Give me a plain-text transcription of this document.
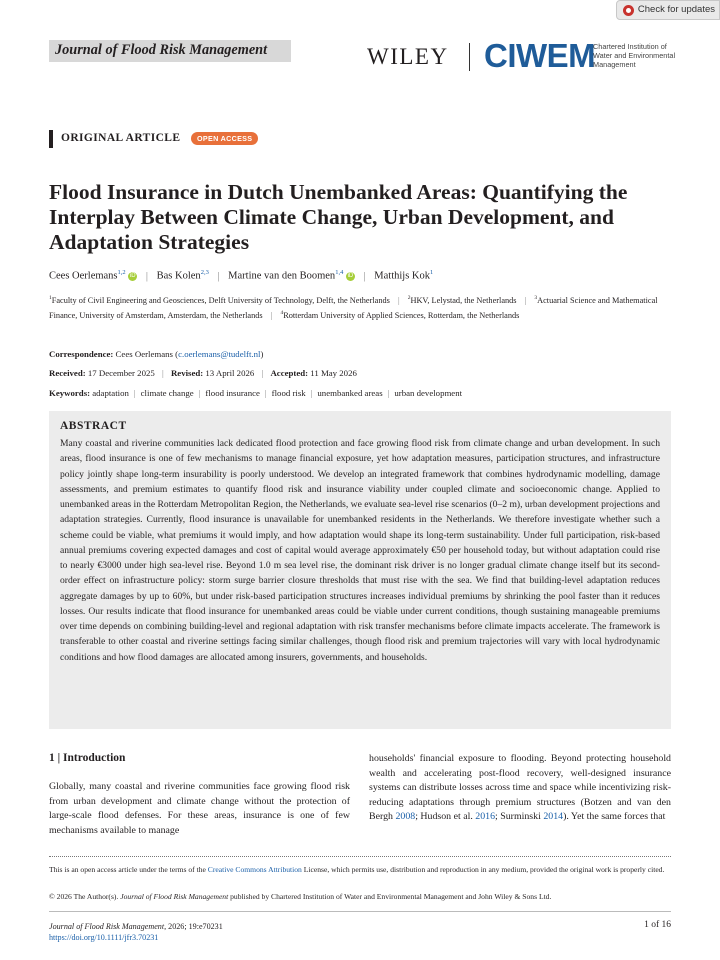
Check for updates
Journal of Flood Risk Management	WILEY CIWEM
Chartered Institution of
Water and Environmental
Management
ORIGINAL ARTICLE	OPEN ACCESS
Flood Insurance in Dutch Unembanked Areas: Quantifying the Interplay Between Climate Change, Urban Development, and Adaptation Strategies
Cees Oerlemans$^{1,2}$ iD | Bas Kolen$^{2,3}$ | Martine van den Boomen$^{1,4}$ iD | Matthijs Kok$^1$
$^1$Faculty of Civil Engineering and Geosciences, Delft University of Technology, Delft, the Netherlands | $^2$HKV, Lelystad, the Netherlands | $^3$Actuarial Science and Mathematical Finance, University of Amsterdam, Amsterdam, the Netherlands | $^4$Rotterdam University of Applied Sciences, Rotterdam, the Netherlands
Correspondence: Cees Oerlemans (c.oerlemans@tudelft.nl)
Received: 17 December 2025 | Revised: 13 April 2026 | Accepted: 11 May 2026
Keywords: adaptation | climate change | flood insurance | flood risk | unembanked areas | urban development
ABSTRACT
Many coastal and riverine communities lack dedicated flood protection and face growing flood risk from climate change and urban development. In such areas, flood insurance is one of few mechanisms to manage financial exposure, yet how adaptation measures, participation structures, and infrastructure policy jointly shape long-term insurability is poorly understood. We develop an integrated framework that combines hydrodynamic modelling, damage assessments, and premium estimates to quantify flood risk and insurance viability under coupled climate and socioeconomic change. Applied to unembanked areas in the Rotterdam Metropolitan Region, the Netherlands, we evaluate sea-level rise scenarios (0–2 m), urban development projections and adaptation strategies. Currently, flood insurance is unavailable for unembanked residents in the Netherlands. We therefore investigate whether such a scheme could be viable, what premiums it would imply, and how adaptation would shape its long-term sustainability. Under full participation, risk-based annual premiums covering expected damages and cost of capital would average approximately €50 per household today, but without adaptation could rise to nearly €3000 under high sea-level rise. Beyond 1.0 m sea level rise, the dominant risk driver is no longer gradual climate change itself but its second-order effect on infrastructure policy: storm surge barrier closure thresholds that must rise with the sea. We find that building-level adaptation reduces aggregate damages by up to 60%, but under risk-based participation structures increases individual premiums by shrinking the pool faster than it reduces losses. Our results indicate that flood insurance for unembanked areas could be viable under current conditions, though sustaining manageable premiums over time depends on combining building-level and regional adaptation with risk transfer mechanisms before climate impacts accelerate. The framework is transferable to other coastal and riverine settings facing similar challenges, though flood risk and premium trajectories will vary with local hydrodynamic conditions and how flood damages are allocated among insurers, governments, and households.
1 | Introduction
Globally, many coastal and riverine communities face growing flood risk from urban development and climate change without the protection of large-scale flood defenses. For these areas, insurance is one of few mechanisms available to manage
households' financial exposure to flooding. Beyond protecting household wealth and accelerating post-flood recovery, well-designed insurance systems can distribute losses across time and space while incentivizing risk-reducing adaptations through premium structures (Botzen and van den Bergh 2008; Hudson et al. 2016; Surminski 2014). Yet the same forces that
This is an open access article under the terms of the Creative Commons Attribution License, which permits use, distribution and reproduction in any medium, provided the original work is properly cited.
© 2026 The Author(s). Journal of Flood Risk Management published by Chartered Institution of Water and Environmental Management and John Wiley & Sons Ltd.
Journal of Flood Risk Management, 2026; 19:e70231
https://doi.org/10.1111/jfr3.70231
1 of 16
